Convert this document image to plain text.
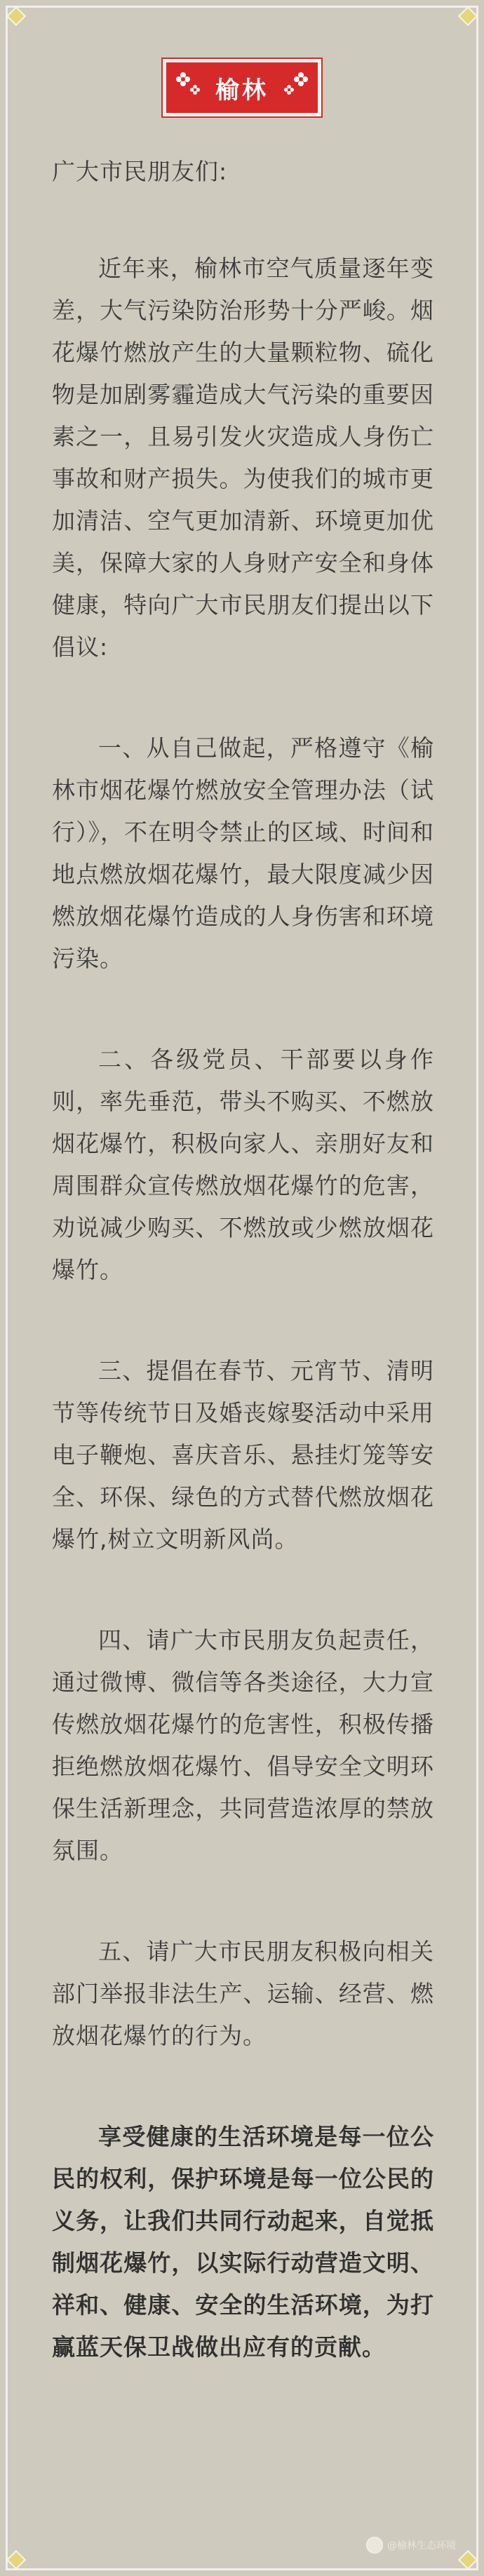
榆林

广大市民朋友们:

近年来，榆林市空气质量逐年变差，大气污染防治形势十分严峻。烟花爆竹燃放产生的大量颗粒物、硫化物是加剧雾霾造成大气污染的重要因素之一，且易引发火灾造成人身伤亡事故和财产损失。为使我们的城市更加清洁、空气更加清新、环境更加优美，保障大家的人身财产安全和身体健康，特向广大市民朋友们提出以下倡议:

一、从自己做起，严格遵守《榆林市烟花爆竹燃放安全管理办法（试行）》，不在明令禁止的区域、时间和地点燃放烟花爆竹，最大限度减少因燃放烟花爆竹造成的人身伤害和环境污染。

二、各级党员、干部要以身作则，率先垂范，带头不购买、不燃放烟花爆竹，积极向家人、亲朋好友和周围群众宣传燃放烟花爆竹的危害，劝说减少购买、不燃放或少燃放烟花爆竹。

三、提倡在春节、元宵节、清明节等传统节日及婚丧嫁娶活动中采用电子鞭炮、喜庆音乐、悬挂灯笼等安全、环保、绿色的方式替代燃放烟花爆竹,树立文明新风尚。

四、请广大市民朋友负起责任，通过微博、微信等各类途径，大力宣传燃放烟花爆竹的危害性，积极传播拒绝燃放烟花爆竹、倡导安全文明环保生活新理念，共同营造浓厚的禁放氛围。

五、请广大市民朋友积极向相关部门举报非法生产、运输、经营、燃放烟花爆竹的行为。

享受健康的生活环境是每一位公民的权利，保护环境是每一位公民的义务，让我们共同行动起来，自觉抵制烟花爆竹，以实际行动营造文明、祥和、健康、安全的生活环境，为打赢蓝天保卫战做出应有的贡献。

@榆林生态环境
